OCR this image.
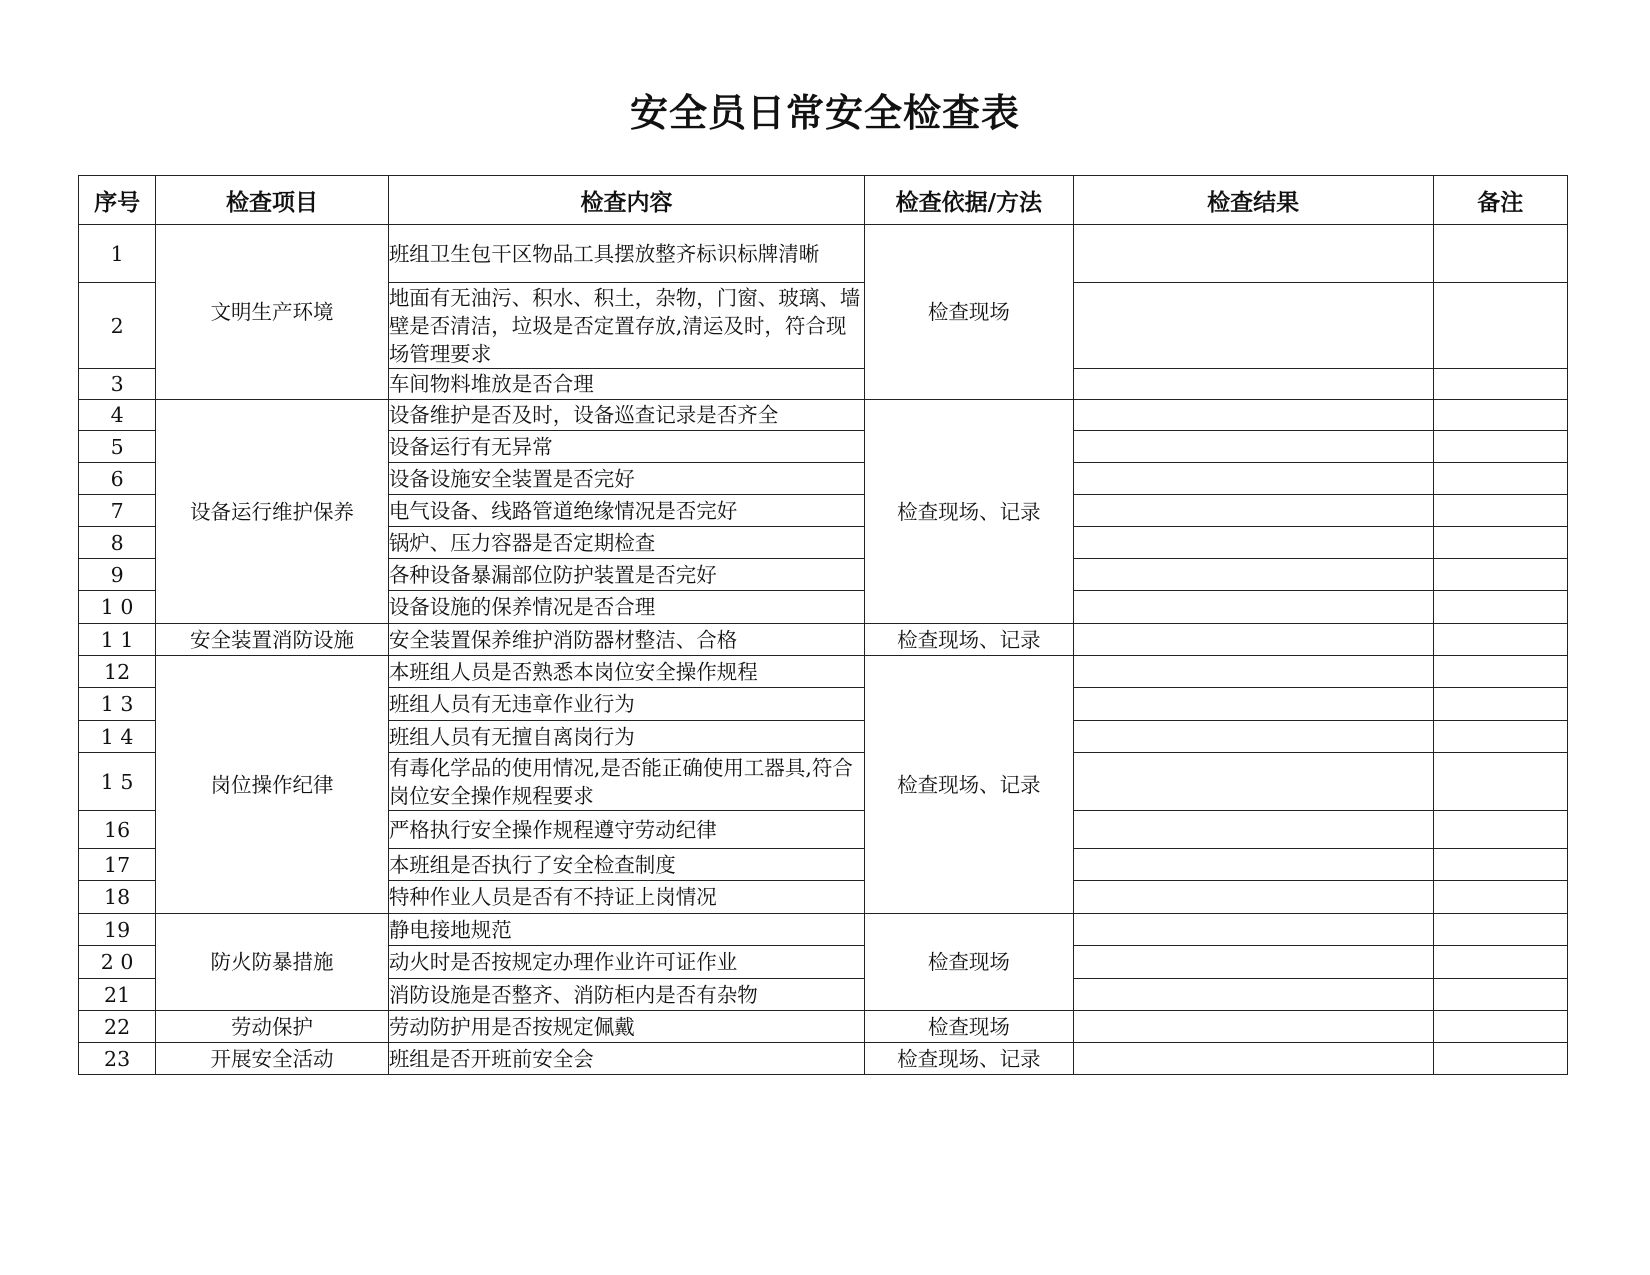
安全员日常安全检查表
序号	检查项目	检查内容	检查依据/方法	检查结果	备注
1	文明生产环境	班组卫生包干区物品工具摆放整齐标识标牌清晰	检查现场		
2		地面有无油污、积水、积土，杂物，门窗、玻璃、墙壁是否清洁，垃圾是否定置存放,清运及时，符合现场管理要求			
3		车间物料堆放是否合理			
4	设备运行维护保养	设备维护是否及时，设备巡查记录是否齐全	检查现场、记录		
5		设备运行有无异常			
6		设备设施安全装置是否完好			
7		电气设备、线路管道绝缘情况是否完好			
8		锅炉、压力容器是否定期检查			
9		各种设备暴漏部位防护装置是否完好			
1 0		设备设施的保养情况是否合理			
1 1	安全装置消防设施	安全装置保养维护消防器材整洁、合格	检查现场、记录		
12	岗位操作纪律	本班组人员是否熟悉本岗位安全操作规程	检查现场、记录		
1 3		班组人员有无违章作业行为			
1 4		班组人员有无擅自离岗行为			
1 5		有毒化学品的使用情况,是否能正确使用工器具,符合岗位安全操作规程要求			
16		严格执行安全操作规程遵守劳动纪律			
17		本班组是否执行了安全检查制度			
18		特种作业人员是否有不持证上岗情况			
19	防火防暴措施	静电接地规范	检查现场		
2 0		动火时是否按规定办理作业许可证作业			
21		消防设施是否整齐、消防柜内是否有杂物			
22	劳动保护	劳动防护用是否按规定佩戴	检查现场		
23	开展安全活动	班组是否开班前安全会	检查现场、记录		
